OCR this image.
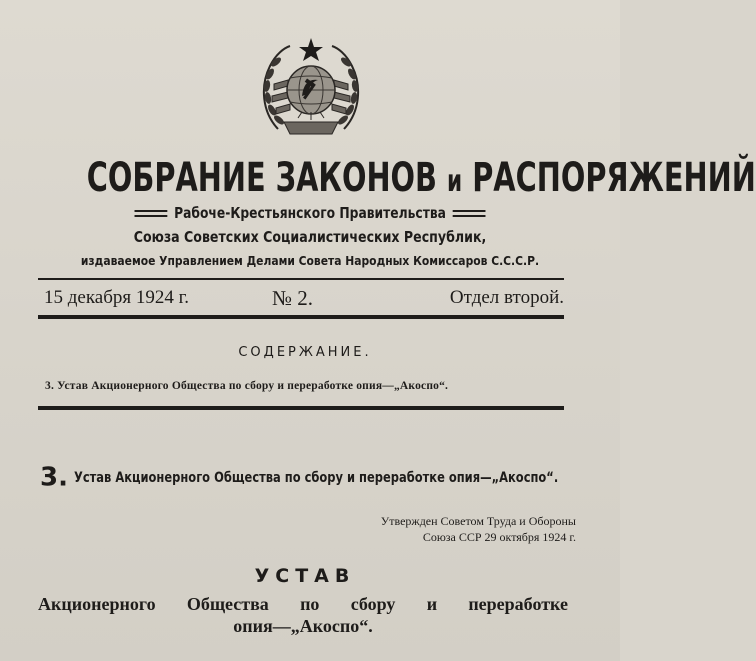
СОБРАНИЕ ЗАКОНОВ и РАСПОРЯЖЕНИЙ
Рабоче-Крестьянского Правительства
Союза Советских Социалистических Республик,
издаваемое Управлением Делами Совета Народных Комиссаров С.С.С.Р.
15 декабря 1924 г.	№ 2.	Отдел второй.
СОДЕРЖАНИЕ.
3. Устав Акционерного Общества по сбору и переработке опия—„Акоспо“.
3. Устав Акционерного Общества по сбору и переработке опия—„Акоспо“.
Утвержден Советом Труда и Обороны
Союза ССР 29 октября 1924 г.
УСТАВ
Акционерного Общества по сбору и переработке
опия—„Акоспо“.
